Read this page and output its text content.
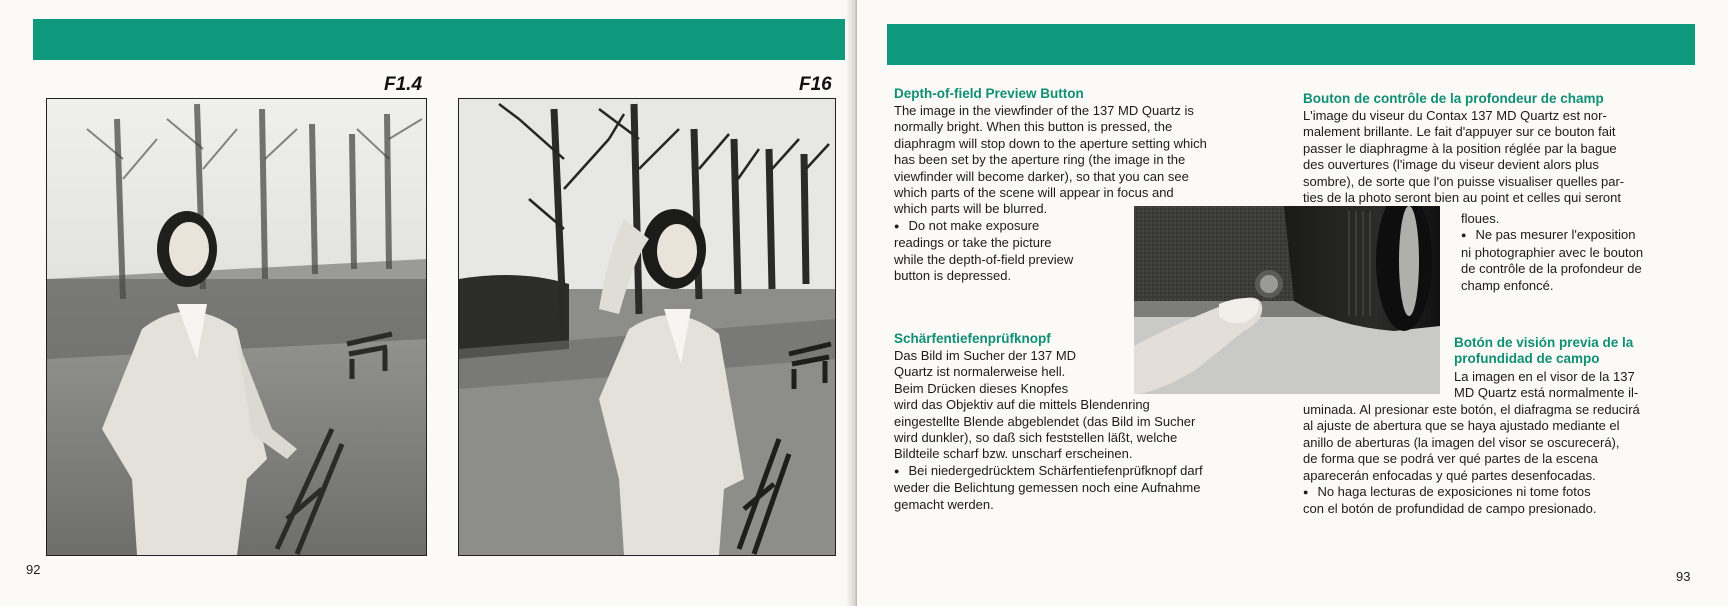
F1.4	F16
92
Depth-of-field Preview Button
The image in the viewfinder of the 137 MD Quartz is
normally bright. When this button is pressed, the
diaphragm will stop down to the aperture setting which
has been set by the aperture ring (the image in the
viewfinder will become darker), so that you can see
which parts of the scene will appear in focus and
which parts will be blurred.
● Do not make exposure
readings or take the picture
while the depth-of-field preview
button is depressed.
Schärfentiefenprüfknopf
Das Bild im Sucher der 137 MD
Quartz ist normalerweise hell.
Beim Drücken dieses Knopfes
wird das Objektiv auf die mittels Blendenring
eingestellte Blende abgeblendet (das Bild im Sucher
wird dunkler), so daß sich feststellen läßt, welche
Bildteile scharf bzw. unscharf erscheinen.
● Bei niedergedrücktem Schärfentiefenprüfknopf darf
weder die Belichtung gemessen noch eine Aufnahme
gemacht werden.
Bouton de contrôle de la profondeur de champ
L'image du viseur du Contax 137 MD Quartz est nor-
malement brillante. Le fait d'appuyer sur ce bouton fait
passer le diaphragme à la position réglée par la bague
des ouvertures (l'image du viseur devient alors plus
sombre), de sorte que l'on puisse visualiser quelles par-
ties de la photo seront bien au point et celles qui seront
floues.
● Ne pas mesurer l'exposition
ni photographier avec le bouton
de contrôle de la profondeur de
champ enfoncé.
Botón de visión previa de la
profundidad de campo
La imagen en el visor de la 137
MD Quartz está normalmente il-
uminada. Al presionar este botón, el diafragma se reducirá
al ajuste de abertura que se haya ajustado mediante el
anillo de aberturas (la imagen del visor se oscurecerá),
de forma que se podrá ver qué partes de la escena
aparecerán enfocadas y qué partes desenfocadas.
● No haga lecturas de exposiciones ni tome fotos
con el botón de profundidad de campo presionado.
93
